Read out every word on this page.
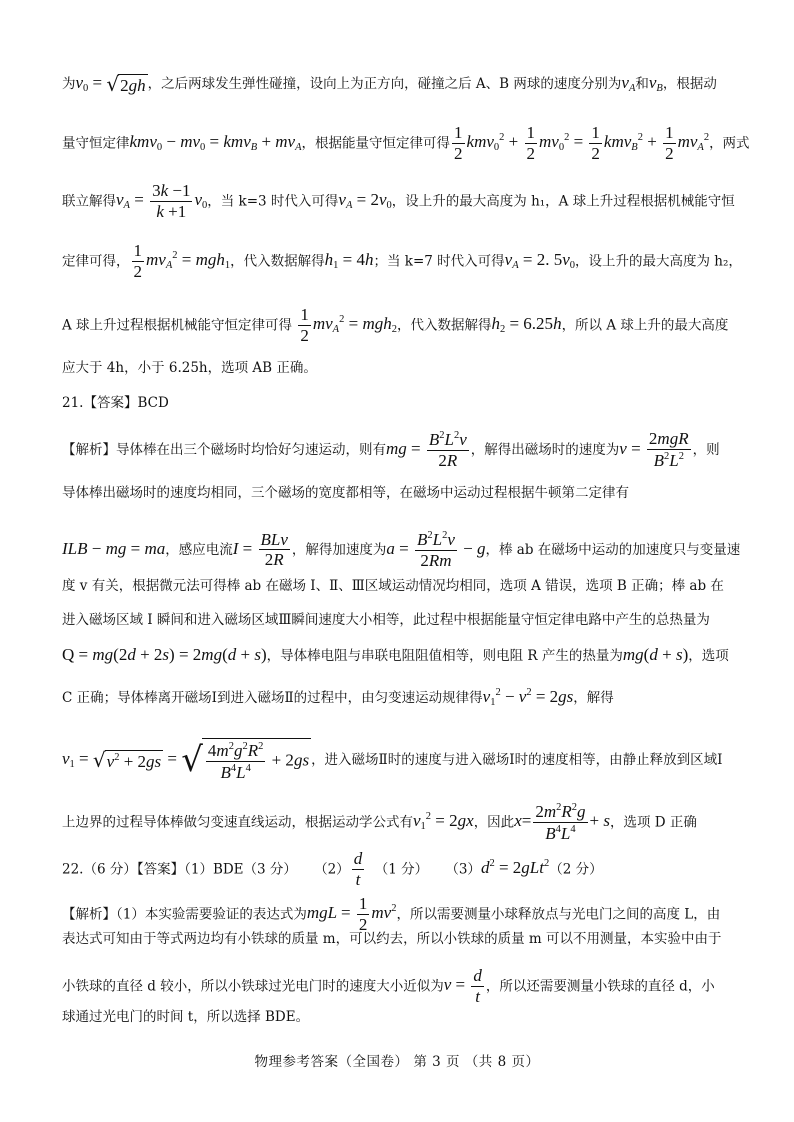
为$v_0$ = √ 2gh ，之后两球发生弹性碰撞，设向上为正方向，碰撞之后 A、B 两球的速度分别为$v_A$和$v_B$，根据动
量守恒定律$kmv_0 - mv_0 = kmv_B + mv_A$，根据能量守恒定律可得 $\frac{1}{2} kmv_0^2 + \frac{1}{2} mv_0^2 = \frac{1}{2} kmv_B^2 + \frac{1}{2} mv_A^2$，两式
联立解得$v_A = \frac{3k -1}{k +1} v_0$，当 k=3 时代入可得$v_A = 2v_0$，设上升的最大高度为 h₁，A 球上升过程根据机械能守恒
定律可得， $\frac{1}{2} mv_A^2 = mgh_1$，代入数据解得$h_1 = 4h$；当 k=7 时代入可得$v_A = 2$. $5v_0$，设上升的最大高度为 h₂，
A 球上升过程根据机械能守恒定律可得 $\frac{1}{2} mv_A^2 = mgh_2$，代入数据解得$h_2 = 6.25h$，所以 A 球上升的最大高度
应大于 4h，小于 6.25h，选项 AB 正确。
21.【答案】BCD
【解析】导体棒在出三个磁场时均恰好匀速运动，则有mg = $\frac{B^2L^2v}{2R}$ ，解得出磁场时的速度为$v = \frac{\text{2mgR}}{B^2L^2}$ ，则
导体棒出磁场时的速度均相同，三个磁场的宽度都相等，在磁场中运动过程根据牛顿第二定律有
ILB − mg = ma，感应电流$I = \frac{\text{BLv}}{2R}$ ，解得加速度为$a = \frac{B^2L^2v}{2Rm} - g$，棒 ab 在磁场中运动的加速度只与变量速
度 v 有关，根据微元法可得棒 ab 在磁场 Ⅰ、Ⅱ、Ⅲ区域运动情况均相同，选项 A 错误，选项 B 正确；棒 ab 在
进入磁场区域 Ⅰ 瞬间和进入磁场区域Ⅲ瞬间速度大小相等，此过程中根据能量守恒定律电路中产生的总热量为
Q = mg(2d + 2s) = 2mg(d + s)，导体棒电阻与串联电阻阻值相等，则电阻 R 产生的热量为mg(d + s)，选项
C 正确；导体棒离开磁场Ⅰ到进入磁场Ⅱ的过程中，由匀变速运动规律得$v_1^2 - v^2 = 2gs$，解得
$v_1$ = √ $v^2 + 2gs$ = √ $\frac{4m^2g^2R^2}{B^4L^4} + 2gs$ ，进入磁场Ⅱ时的速度与进入磁场Ⅰ时的速度相等，由静止释放到区域Ⅰ
上边界的过程导体棒做匀变速直线运动，根据运动学公式有$v_1^2 = 2gx$，因此$x= \frac{2m^2R^2g}{B^4L^4} + s$，选项 D 正确
22.（6 分）【答案】（1）BDE（3 分） $(2) \frac{d}{t} (1$ 分） $(3)d^2 = 2gLt^2(2$ 分）
【解析】（1）本实验需要验证的表达式为mgL = $\frac{1}{2} mv^2$，所以需要测量小球释放点与光电门之间的高度 L，由
表达式可知由于等式两边均有小铁球的质量 m，可以约去，所以小铁球的质量 m 可以不用测量，本实验中由于
小铁球的直径 d 较小，所以小铁球过光电门时的速度大小近似为$v = \frac{d}{t}$ ，所以还需要测量小铁球的直径 d，小
球通过光电门的时间 t，所以选择 BDE。
物理参考答案（全国卷） 第 3 页 （共 8 页）
